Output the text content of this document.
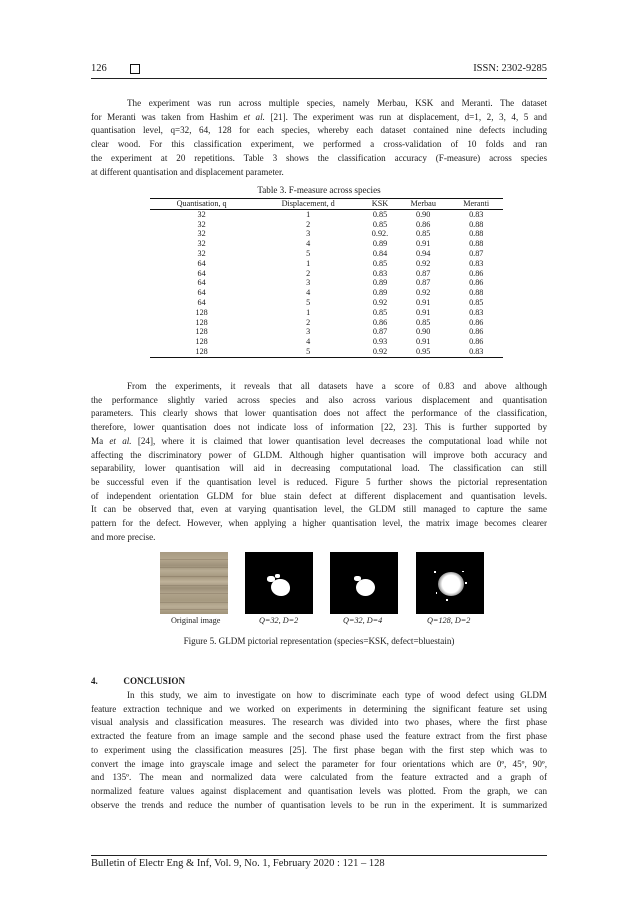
126	ISSN: 2302-9285
The experiment was run across multiple species, namely Merbau, KSK and Meranti. The dataset
for Meranti was taken from Hashim et al. [21]. The experiment was run at displacement, d=1, 2, 3, 4, 5 and
quantisation level, q=32, 64, 128 for each species, whereby each dataset contained nine defects including
clear wood. For this classification experiment, we performed a cross-validation of 10 folds and ran
the experiment at 20 repetitions. Table 3 shows the classification accuracy (F-measure) across species
at different quantisation and displacement parameter.
Table 3. F-measure across species
Quantisation, q	Displacement, d	KSK	Merbau	Meranti
32	1	0.85	0.90	0.83
32	2	0.85	0.86	0.88
32	3	0.92.	0.85	0.88
32	4	0.89	0.91	0.88
32	5	0.84	0.94	0.87
64	1	0.85	0.92	0.83
64	2	0.83	0.87	0.86
64	3	0.89	0.87	0.86
64	4	0.89	0.92	0.88
64	5	0.92	0.91	0.85
128	1	0.85	0.91	0.83
128	2	0.86	0.85	0.86
128	3	0.87	0.90	0.86
128	4	0.93	0.91	0.86
128	5	0.92	0.95	0.83
From the experiments, it reveals that all datasets have a score of 0.83 and above although
the performance slightly varied across species and also across various displacement and quantisation
parameters. This clearly shows that lower quantisation does not affect the performance of the classification,
therefore, lower quantisation does not indicate loss of information [22, 23]. This is further supported by
Ma et al. [24], where it is claimed that lower quantisation level decreases the computational load while not
affecting the discriminatory power of GLDM. Although higher quantisation will improve both accuracy and
separability, lower quantisation will aid in decreasing computational load. The classification can still
be successful even if the quantisation level is reduced. Figure 5 further shows the pictorial representation
of independent orientation GLDM for blue stain defect at different displacement and quantisation levels.
It can be observed that, even at varying quantisation level, the GLDM still managed to capture the same
pattern for the defect. However, when applying a higher quantisation level, the matrix image becomes clearer
and more precise.
Original image	Q=32, D=2	Q=32, D=4	Q=128, D=2
Figure 5. GLDM pictorial representation (species=KSK, defect=bluestain)
4.	CONCLUSION
In this study, we aim to investigate on how to discriminate each type of wood defect using GLDM
feature extraction technique and we worked on experiments in determining the significant feature set using
visual analysis and classification measures. The research was divided into two phases, where the first phase
extracted the feature from an image sample and the second phase used the feature extract from the first phase
to experiment using the classification measures [25]. The first phase began with the first step which was to
convert the image into grayscale image and select the parameter for four orientations which are 0º, 45º, 90º,
and 135º. The mean and normalized data were calculated from the feature extracted and a graph of
normalized feature values against displacement and quantisation levels was plotted. From the graph, we can
observe the trends and reduce the number of quantisation levels to be run in the experiment. It is summarized
Bulletin of Electr Eng & Inf, Vol. 9, No. 1, February 2020 : 121 – 128
